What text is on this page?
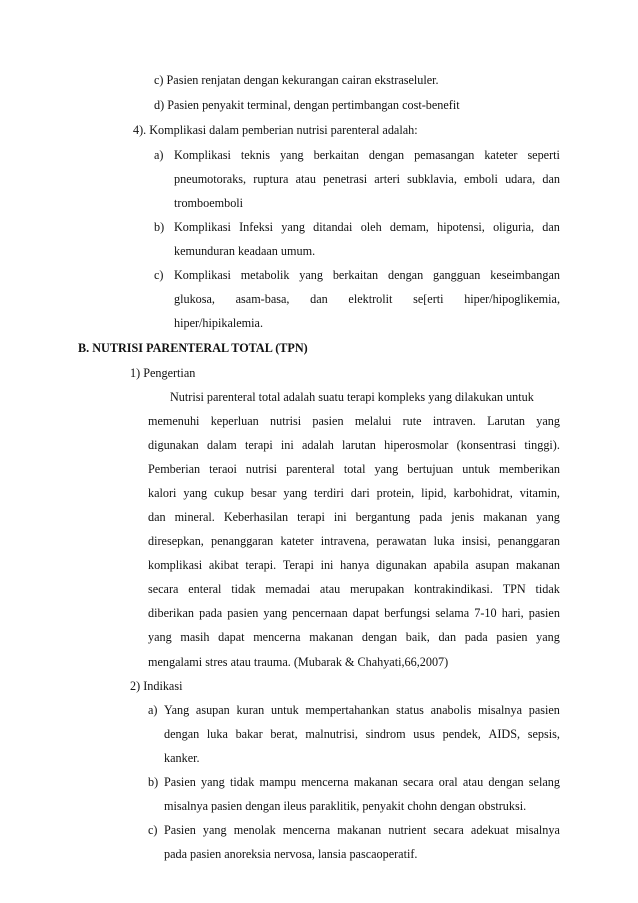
c) Pasien renjatan dengan kekurangan cairan ekstraseluler.
d) Pasien penyakit terminal, dengan pertimbangan cost-benefit
4). Komplikasi dalam pemberian nutrisi parenteral adalah:
a) Komplikasi teknis yang berkaitan dengan pemasangan kateter seperti
pneumotoraks, ruptura atau penetrasi arteri subklavia, emboli udara, dan
tromboemboli
b) Komplikasi Infeksi yang ditandai oleh demam, hipotensi, oliguria, dan
kemunduran keadaan umum.
c) Komplikasi metabolik yang berkaitan dengan gangguan keseimbangan
glukosa, asam-basa, dan elektrolit se[erti hiper/hipoglikemia,
hiper/hipikalemia.
B. NUTRISI PARENTERAL TOTAL (TPN)
1) Pengertian
Nutrisi parenteral total adalah suatu terapi kompleks yang dilakukan untuk
memenuhi keperluan nutrisi pasien melalui rute intraven. Larutan yang
digunakan dalam terapi ini adalah larutan hiperosmolar (konsentrasi tinggi).
Pemberian teraoi nutrisi parenteral total yang bertujuan untuk memberikan
kalori yang cukup besar yang terdiri dari protein, lipid, karbohidrat, vitamin,
dan mineral. Keberhasilan terapi ini bergantung pada jenis makanan yang
diresepkan, penanggaran kateter intravena, perawatan luka insisi, penanggaran
komplikasi akibat terapi. Terapi ini hanya digunakan apabila asupan makanan
secara enteral tidak memadai atau merupakan kontrakindikasi. TPN tidak
diberikan pada pasien yang pencernaan dapat berfungsi selama 7-10 hari, pasien
yang masih dapat mencerna makanan dengan baik, dan pada pasien yang
mengalami stres atau trauma. (Mubarak & Chahyati,66,2007)
2) Indikasi
a) Yang asupan kuran untuk mempertahankan status anabolis misalnya pasien
dengan luka bakar berat, malnutrisi, sindrom usus pendek, AIDS, sepsis,
kanker.
b) Pasien yang tidak mampu mencerna makanan secara oral atau dengan selang
misalnya pasien dengan ileus paraklitik, penyakit chohn dengan obstruksi.
c) Pasien yang menolak mencerna makanan nutrient secara adekuat misalnya
pada pasien anoreksia nervosa, lansia pascaoperatif.
